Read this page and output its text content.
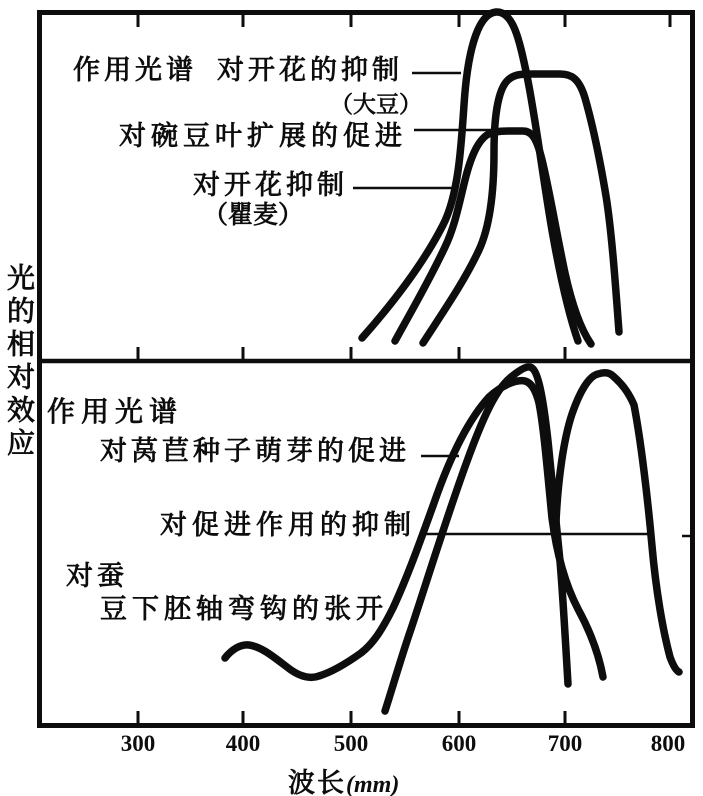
光的相对效应
作用光谱 对开花的抑制
（大豆）
对碗豆叶扩展的促进
对开花抑制
（瞿麦）
作用光谱
对莴苣种子萌芽的促进
对促进作用的抑制
对蚕
豆下胚轴弯钩的张开
300	400	500	600	700	800
波长(mm)
